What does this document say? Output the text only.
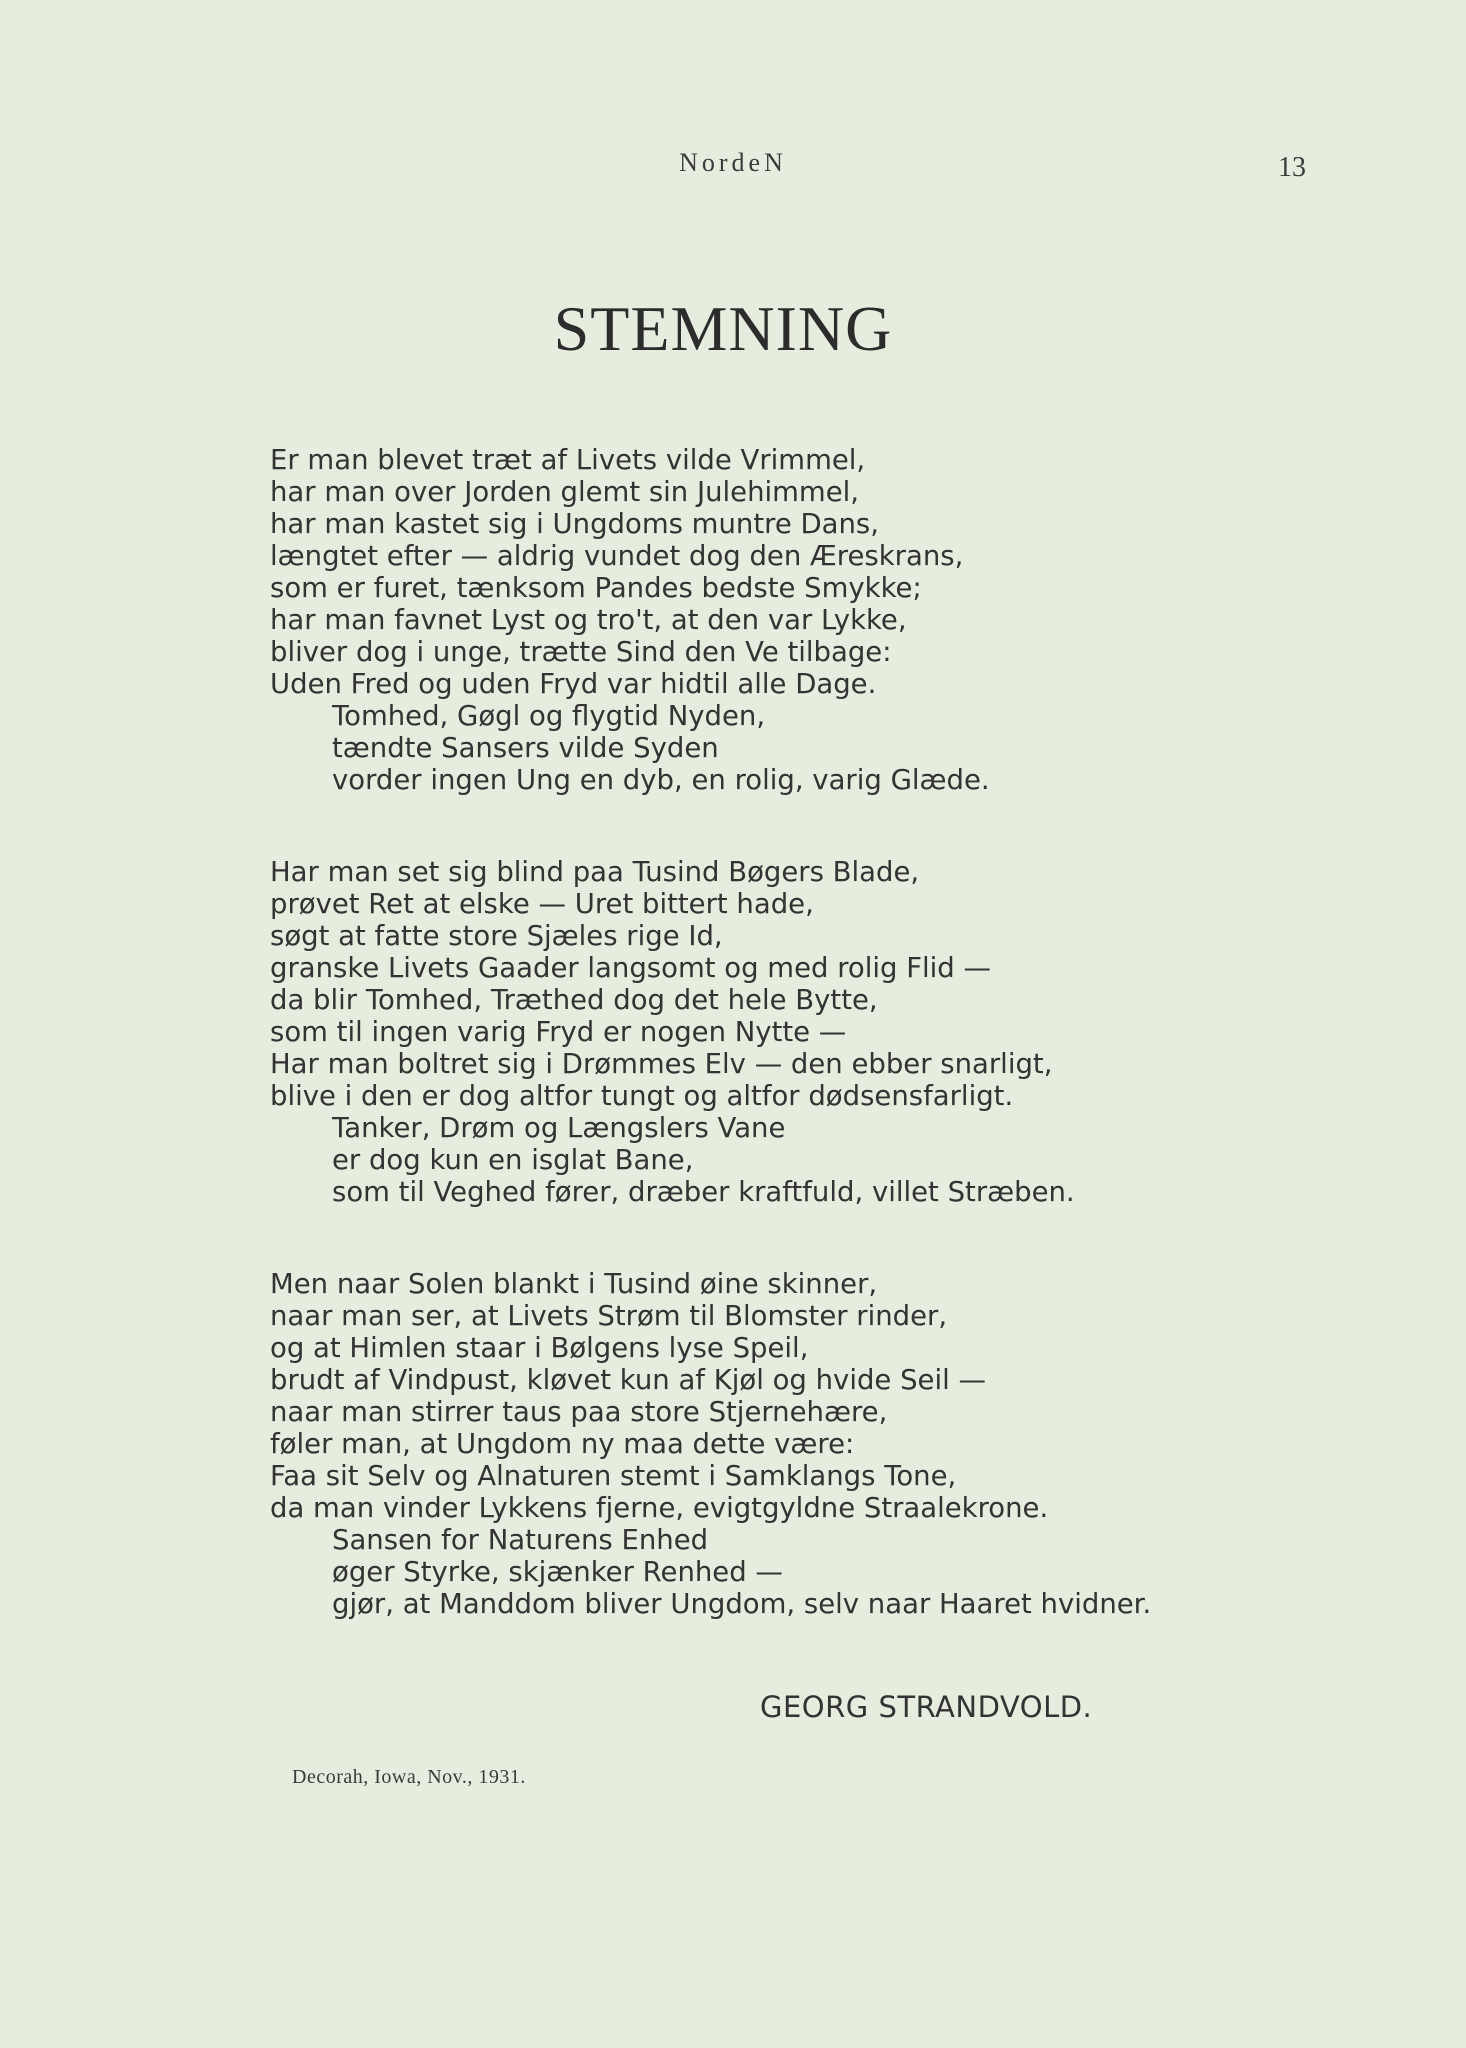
NordeN	13
STEMNING
Er man blevet træt af Livets vilde Vrimmel,
har man over Jorden glemt sin Julehimmel,
har man kastet sig i Ungdoms muntre Dans,
længtet efter — aldrig vundet dog den Æreskrans,
som er furet, tænksom Pandes bedste Smykke;
har man favnet Lyst og tro't, at den var Lykke,
bliver dog i unge, trætte Sind den Ve tilbage:
Uden Fred og uden Fryd var hidtil alle Dage.
Tomhed, Gøgl og flygtid Nyden,
tændte Sansers vilde Syden
vorder ingen Ung en dyb, en rolig, varig Glæde.
Har man set sig blind paa Tusind Bøgers Blade,
prøvet Ret at elske — Uret bittert hade,
søgt at fatte store Sjæles rige Id,
granske Livets Gaader langsomt og med rolig Flid —
da blir Tomhed, Træthed dog det hele Bytte,
som til ingen varig Fryd er nogen Nytte —
Har man boltret sig i Drømmes Elv — den ebber snarligt,
blive i den er dog altfor tungt og altfor dødsensfarligt.
Tanker, Drøm og Længslers Vane
er dog kun en isglat Bane,
som til Veghed fører, dræber kraftfuld, villet Stræben.
Men naar Solen blankt i Tusind øine skinner,
naar man ser, at Livets Strøm til Blomster rinder,
og at Himlen staar i Bølgens lyse Speil,
brudt af Vindpust, kløvet kun af Kjøl og hvide Seil —
naar man stirrer taus paa store Stjernehære,
føler man, at Ungdom ny maa dette være:
Faa sit Selv og Alnaturen stemt i Samklangs Tone,
da man vinder Lykkens fjerne, evigtgyldne Straalekrone.
Sansen for Naturens Enhed
øger Styrke, skjænker Renhed —
gjør, at Manddom bliver Ungdom, selv naar Haaret hvidner.
GEORG STRANDVOLD.
Decorah, Iowa, Nov., 1931.
